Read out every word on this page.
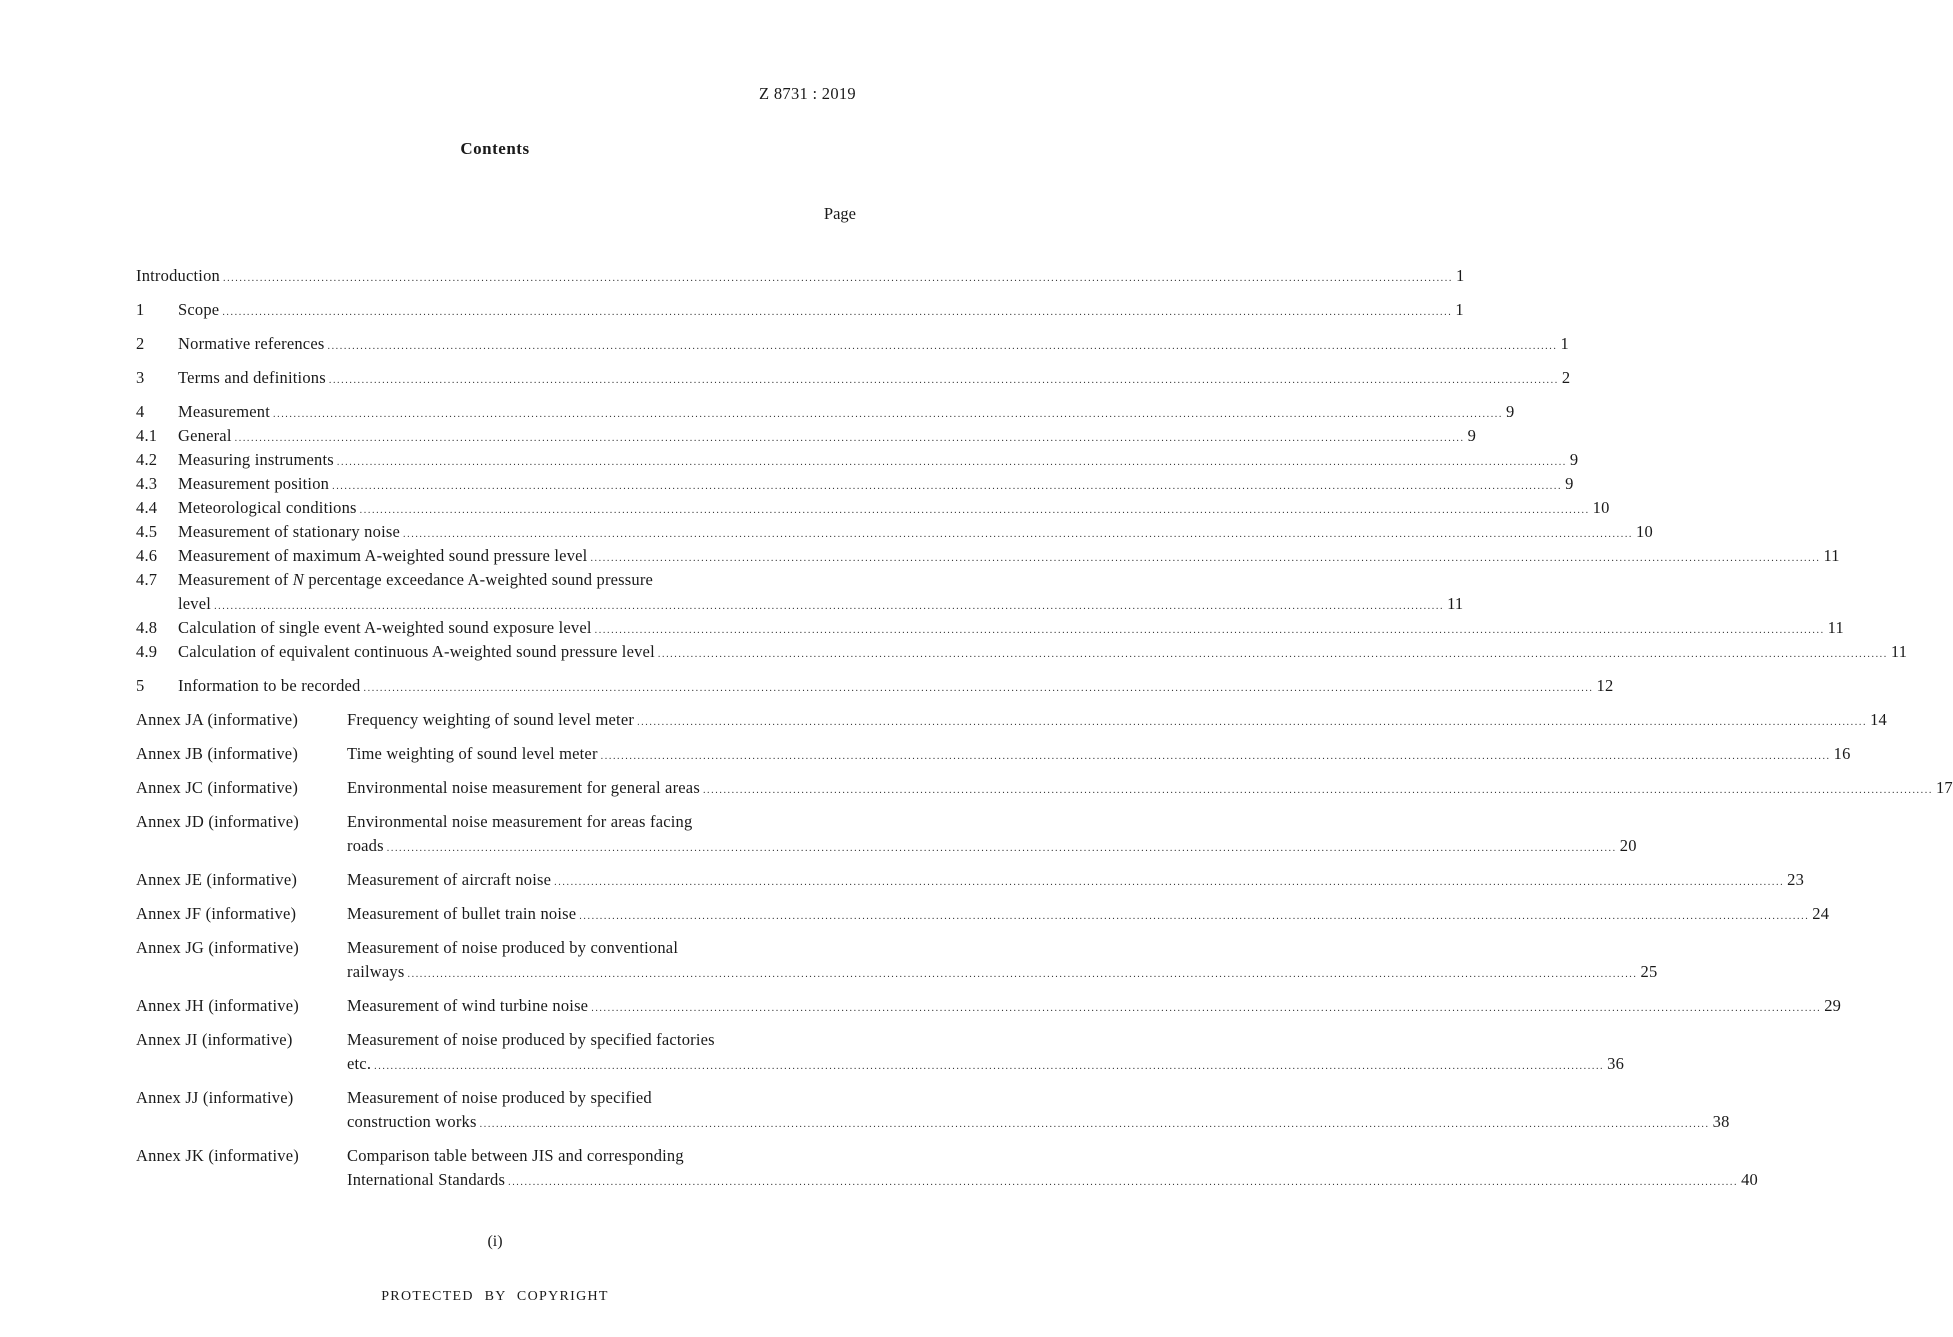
Z 8731 : 2019
Contents
Page
Introduction ............................................................................................................................................................................................................................................................................................................ 1
1	Scope ............................................................................................................................................................................................................................................................................................................ 1
2	Normative references ............................................................................................................................................................................................................................................................................................................ 1
3	Terms and definitions ............................................................................................................................................................................................................................................................................................................ 2
4	Measurement ............................................................................................................................................................................................................................................................................................................ 9
4.1	General ............................................................................................................................................................................................................................................................................................................ 9
4.2	Measuring instruments ............................................................................................................................................................................................................................................................................................................ 9
4.3	Measurement position ............................................................................................................................................................................................................................................................................................................ 9
4.4	Meteorological conditions ............................................................................................................................................................................................................................................................................................................ 10
4.5	Measurement of stationary noise ............................................................................................................................................................................................................................................................................................................ 10
4.6	Measurement of maximum A-weighted sound pressure level ............................................................................................................................................................................................................................................................................................................ 11
4.7	Measurement of N percentage exceedance A-weighted sound pressure
level ............................................................................................................................................................................................................................................................................................................ 11
4.8	Calculation of single event A-weighted sound exposure level ............................................................................................................................................................................................................................................................................................................ 11
4.9	Calculation of equivalent continuous A-weighted sound pressure level ............................................................................................................................................................................................................................................................................................................ 11
5	Information to be recorded ............................................................................................................................................................................................................................................................................................................ 12
Annex JA (informative)	Frequency weighting of sound level meter ............................................................................................................................................................................................................................................................................................................ 14
Annex JB (informative)	Time weighting of sound level meter ............................................................................................................................................................................................................................................................................................................ 16
Annex JC (informative)	Environmental noise measurement for general areas ............................................................................................................................................................................................................................................................................................................ 17
Annex JD (informative)	Environmental noise measurement for areas facing
roads ............................................................................................................................................................................................................................................................................................................ 20
Annex JE (informative)	Measurement of aircraft noise ............................................................................................................................................................................................................................................................................................................ 23
Annex JF (informative)	Measurement of bullet train noise ............................................................................................................................................................................................................................................................................................................ 24
Annex JG (informative)	Measurement of noise produced by conventional
railways ............................................................................................................................................................................................................................................................................................................ 25
Annex JH (informative)	Measurement of wind turbine noise ............................................................................................................................................................................................................................................................................................................ 29
Annex JI (informative)	Measurement of noise produced by specified factories
etc. ............................................................................................................................................................................................................................................................................................................ 36
Annex JJ (informative)	Measurement of noise produced by specified
construction works ............................................................................................................................................................................................................................................................................................................ 38
Annex JK (informative)	Comparison table between JIS and corresponding
International Standards ............................................................................................................................................................................................................................................................................................................ 40
(i)
PROTECTED BY COPYRIGHT
